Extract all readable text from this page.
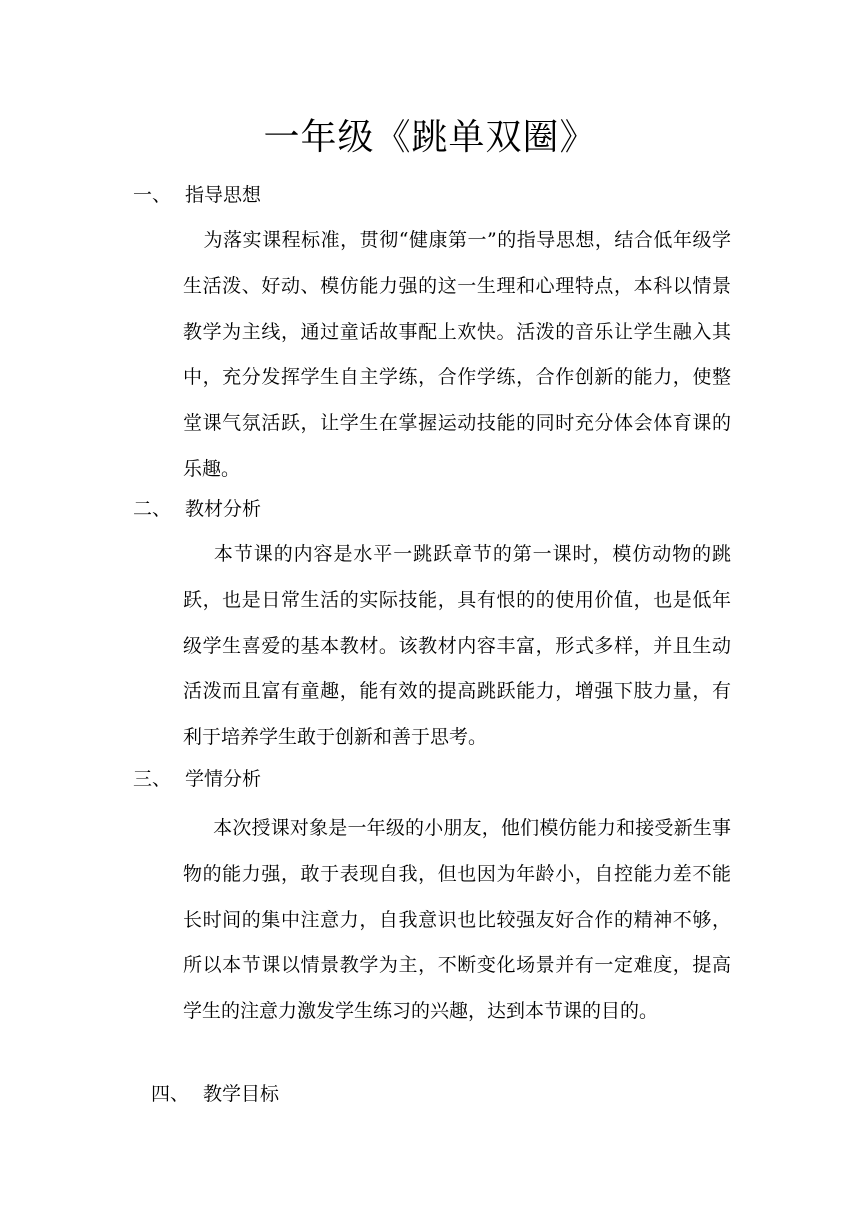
一年级《跳单双圈》
一、 指导思想
为落实课程标准，贯彻“健康第一”的指导思想，结合低年级学生活泼、好动、模仿能力强的这一生理和心理特点，本科以情景教学为主线，通过童话故事配上欢快。活泼的音乐让学生融入其中，充分发挥学生自主学练，合作学练，合作创新的能力，使整堂课气氛活跃，让学生在掌握运动技能的同时充分体会体育课的乐趣。
二、 教材分析
本节课的内容是水平一跳跃章节的第一课时，模仿动物的跳跃，也是日常生活的实际技能，具有恨的的使用价值，也是低年级学生喜爱的基本教材。该教材内容丰富，形式多样，并且生动活泼而且富有童趣，能有效的提高跳跃能力，增强下肢力量，有利于培养学生敢于创新和善于思考。
三、 学情分析
本次授课对象是一年级的小朋友，他们模仿能力和接受新生事物的能力强，敢于表现自我，但也因为年龄小，自控能力差不能长时间的集中注意力，自我意识也比较强友好合作的精神不够，所以本节课以情景教学为主，不断变化场景并有一定难度，提高学生的注意力激发学生练习的兴趣，达到本节课的目的。
四、 教学目标
